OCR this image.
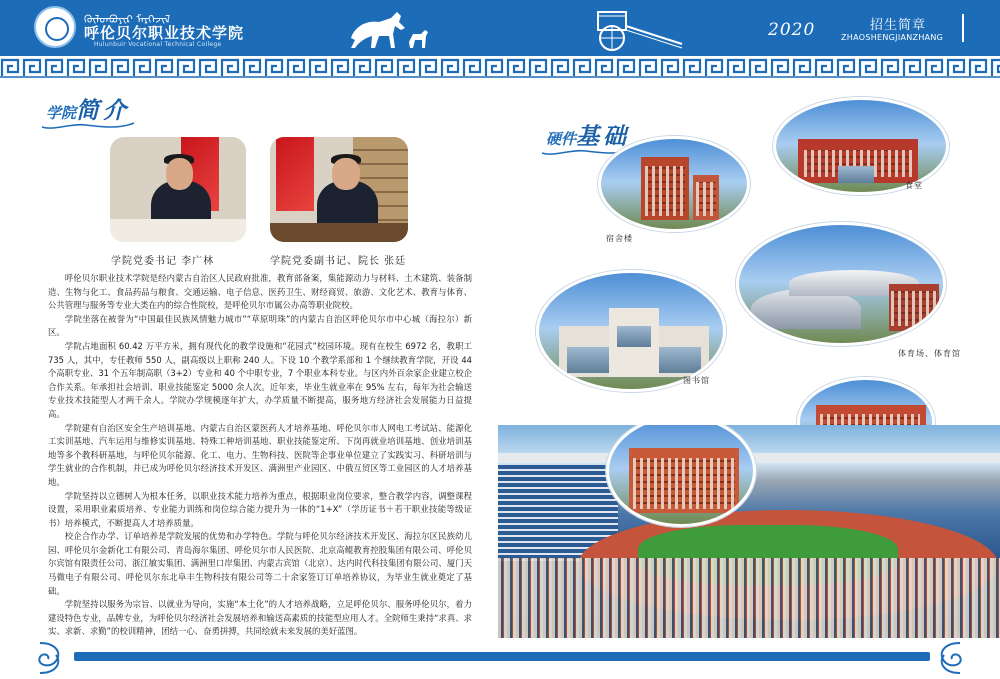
ᠬᠥᠯᠦᠨᠪᠤᠶᠢᠷ ᠮᠡᠷᠭᠡᠵᠢᠯ
呼伦贝尔职业技术学院
Hulunbuir Vocational Technical College
2020	招生简章
ZHAOSHENGJIANZHANG
学院 简介
学院党委书记 李广林	学院党委副书记、院长 张廷

呼伦贝尔职业技术学院是经内蒙古自治区人民政府批准，教育部备案，集能源动力与材料、土木建筑、装备制造、生物与化工、食品药品与粮食、交通运输、电子信息、医药卫生、财经商贸、旅游、文化艺术、教育与体育、公共管理与服务等专业大类在内的综合性院校，是呼伦贝尔市属公办高等职业院校。

学院坐落在被誉为“中国最佳民族风情魅力城市”“草原明珠”的内蒙古自治区呼伦贝尔市中心城（海拉尔）新区。

学院占地面积 60.42 万平方米，拥有现代化的教学设施和“花园式”校园环境。现有在校生 6972 名，教职工 735 人，其中，专任教师 550 人，副高级以上职称 240 人。下设 10 个教学系部和 1 个继续教育学院，开设 44 个高职专业、31 个五年制高职（3+2）专业和 40 个中职专业，7 个职业本科专业。与区内外百余家企业建立校企合作关系。年承担社会培训、职业技能鉴定 5000 余人次。近年来，毕业生就业率在 95% 左右，每年为社会输送专业技术技能型人才两千余人。学院办学规模逐年扩大，办学质量不断提高，服务地方经济社会发展能力日益提高。

学院建有自治区安全生产培训基地、内蒙古自治区蒙医药人才培养基地、呼伦贝尔市人网电工考试站、能源化工实训基地、汽车运用与维修实训基地、特殊工种培训基地、职业技能鉴定所、下岗再就业培训基地、创业培训基地等多个教科研基地，与呼伦贝尔能源、化工、电力、生物科技、医院等企事业单位建立了实践实习、科研培训与学生就业的合作机制，并已成为呼伦贝尔经济技术开发区、满洲里产业园区、中俄互贸区等工业园区的人才培养基地。

学院坚持以立德树人为根本任务，以职业技术能力培养为重点，根据职业岗位要求，整合教学内容，调整课程设置，采用职业素质培养、专业能力训练和岗位综合能力提升为一体的“1+X”（学历证书＋若干职业技能等级证书）培养模式，不断提高人才培养质量。

校企合作办学、订单培养是学院发展的优势和办学特色。学院与呼伦贝尔经济技术开发区、海拉尔区民族幼儿园、呼伦贝尔金新化工有限公司、青岛海尔集团、呼伦贝尔市人民医院、北京高鲲教育控股集团有限公司、呼伦贝尔宾馆有限责任公司、浙江敏实集团、满洲里口岸集团、内蒙古宾馆（北京）、达内时代科技集团有限公司、厦门天马微电子有限公司、呼伦贝尔东北阜丰生物科技有限公司等二十余家签订订单培养协议，为毕业生就业奠定了基础。

学院坚持以服务为宗旨、以就业为导向，实施“本土化”的人才培养战略，立足呼伦贝尔、服务呼伦贝尔，着力建设特色专业，品牌专业，为呼伦贝尔经济社会发展培养和输送高素质的技能型应用人才。全院师生秉持“求真、求实、求新、求勤”的校训精神，团结一心、奋勇拼搏，共同绘就未来发展的美好蓝图。

硬件 基础
宿舍楼
食堂
体育场、体育馆
图书馆
